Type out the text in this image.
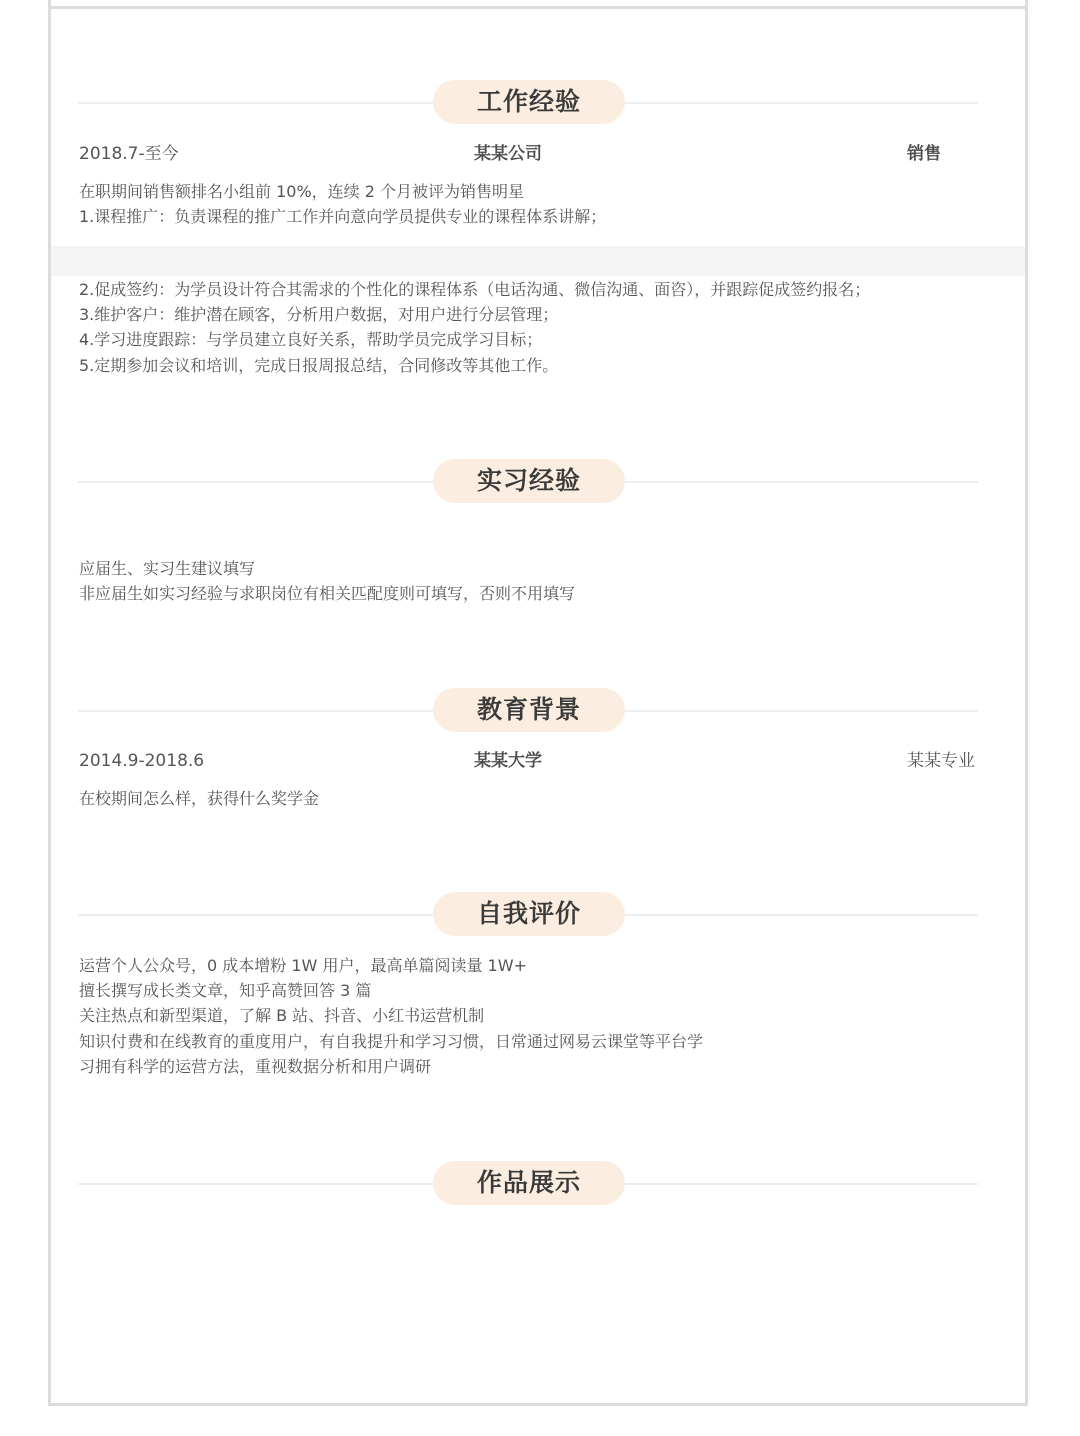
工作经验
2018.7-至今	某某公司	销售
在职期间销售额排名小组前 10%，连续 2 个月被评为销售明星
1.课程推广：负责课程的推广工作并向意向学员提供专业的课程体系讲解；
2.促成签约：为学员设计符合其需求的个性化的课程体系（电话沟通、微信沟通、面咨），并跟踪促成签约报名；
3.维护客户：维护潜在顾客，分析用户数据，对用户进行分层管理；
4.学习进度跟踪：与学员建立良好关系，帮助学员完成学习目标；
5.定期参加会议和培训，完成日报周报总结，合同修改等其他工作。
实习经验
应届生、实习生建议填写
非应届生如实习经验与求职岗位有相关匹配度则可填写，否则不用填写
教育背景
2014.9-2018.6	某某大学	某某专业
在校期间怎么样，获得什么奖学金
自我评价
运营个人公众号，0 成本增粉 1W 用户，最高单篇阅读量 1W+
擅长撰写成长类文章，知乎高赞回答 3 篇
关注热点和新型渠道，了解 B 站、抖音、小红书运营机制
知识付费和在线教育的重度用户，有自我提升和学习习惯，日常通过网易云课堂等平台学
习拥有科学的运营方法，重视数据分析和用户调研
作品展示
